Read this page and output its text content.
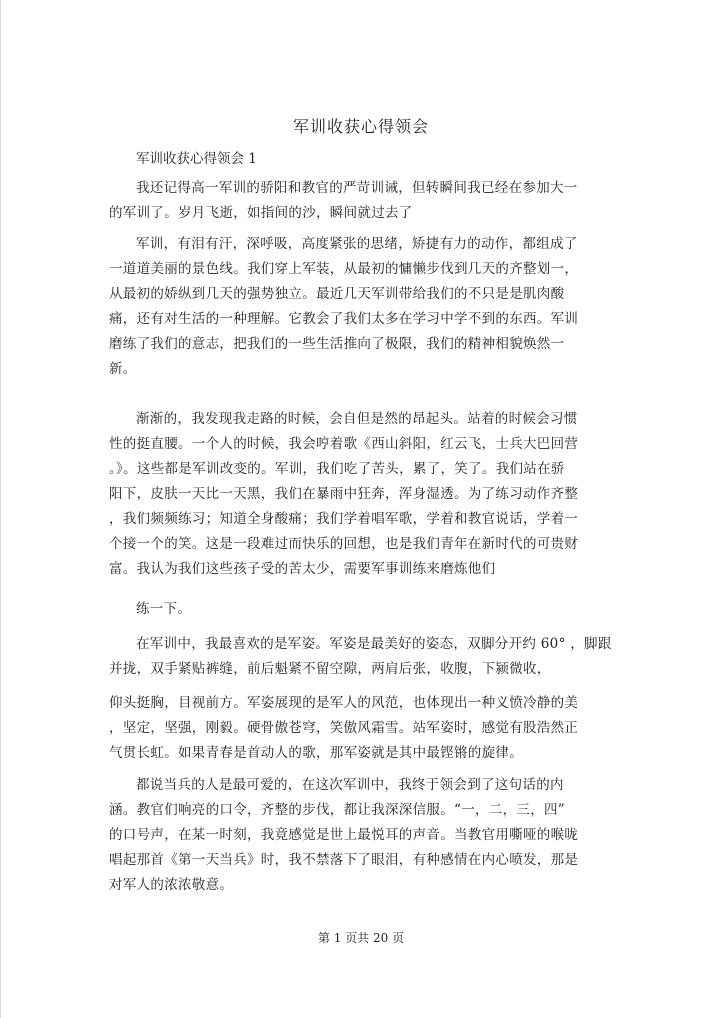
军训收获心得领会
军训收获心得领会 1
我还记得高一军训的骄阳和教官的严苛训诫，但转瞬间我已经在参加大一
的军训了。岁月飞逝，如指间的沙，瞬间就过去了
军训，有泪有汗，深呼吸，高度紧张的思绪，矫捷有力的动作，都组成了
一道道美丽的景色线。我们穿上军装，从最初的慵懒步伐到几天的齐整划一，
从最初的娇纵到几天的强势独立。最近几天军训带给我们的不只是是肌肉酸
痛，还有对生活的一种理解。它教会了我们太多在学习中学不到的东西。军训
磨练了我们的意志，把我们的一些生活推向了极限，我们的精神相貌焕然一
新。
渐渐的，我发现我走路的时候，会自但是然的昂起头。站着的时候会习惯
性的挺直腰。一个人的时候，我会哼着歌《西山斜阳，红云飞，士兵大巴回营
。》。这些都是军训改变的。军训，我们吃了苦头，累了，笑了。我们站在骄
阳下，皮肤一天比一天黑，我们在暴雨中狂奔，浑身湿透。为了练习动作齐整
，我们频频练习；知道全身酸痛；我们学着唱军歌，学着和教官说话，学着一
个接一个的笑。这是一段难过而快乐的回想，也是我们青年在新时代的可贵财
富。我认为我们这些孩子受的苦太少，需要军事训练来磨炼他们
练一下。
在军训中，我最喜欢的是军姿。军姿是最美好的姿态，双脚分开约 60° ，脚跟
并拢，双手紧贴裤缝，前后魁紧不留空隙，两肩后张，收腹，下颍微收，
仰头挺胸，目视前方。军姿展现的是军人的风范，也体现出一种义愤冷静的美
，坚定，坚强，刚毅。硬骨傲苍穹，笑傲风霜雪。站军姿时，感觉有股浩然正
气贯长虹。如果青春是首动人的歌，那军姿就是其中最铿锵的旋律。
都说当兵的人是最可爱的，在这次军训中，我终于领会到了这句话的内
涵。教官们响亮的口令，齐整的步伐，都让我深深信服。“一，二，三，四”
的口号声，在某一时刻，我竟感觉是世上最悦耳的声音。当教官用嘶哑的喉咙
唱起那首《第一天当兵》时，我不禁落下了眼泪，有种感情在内心喷发，那是
对军人的浓浓敬意。
第 1 页共 20 页
